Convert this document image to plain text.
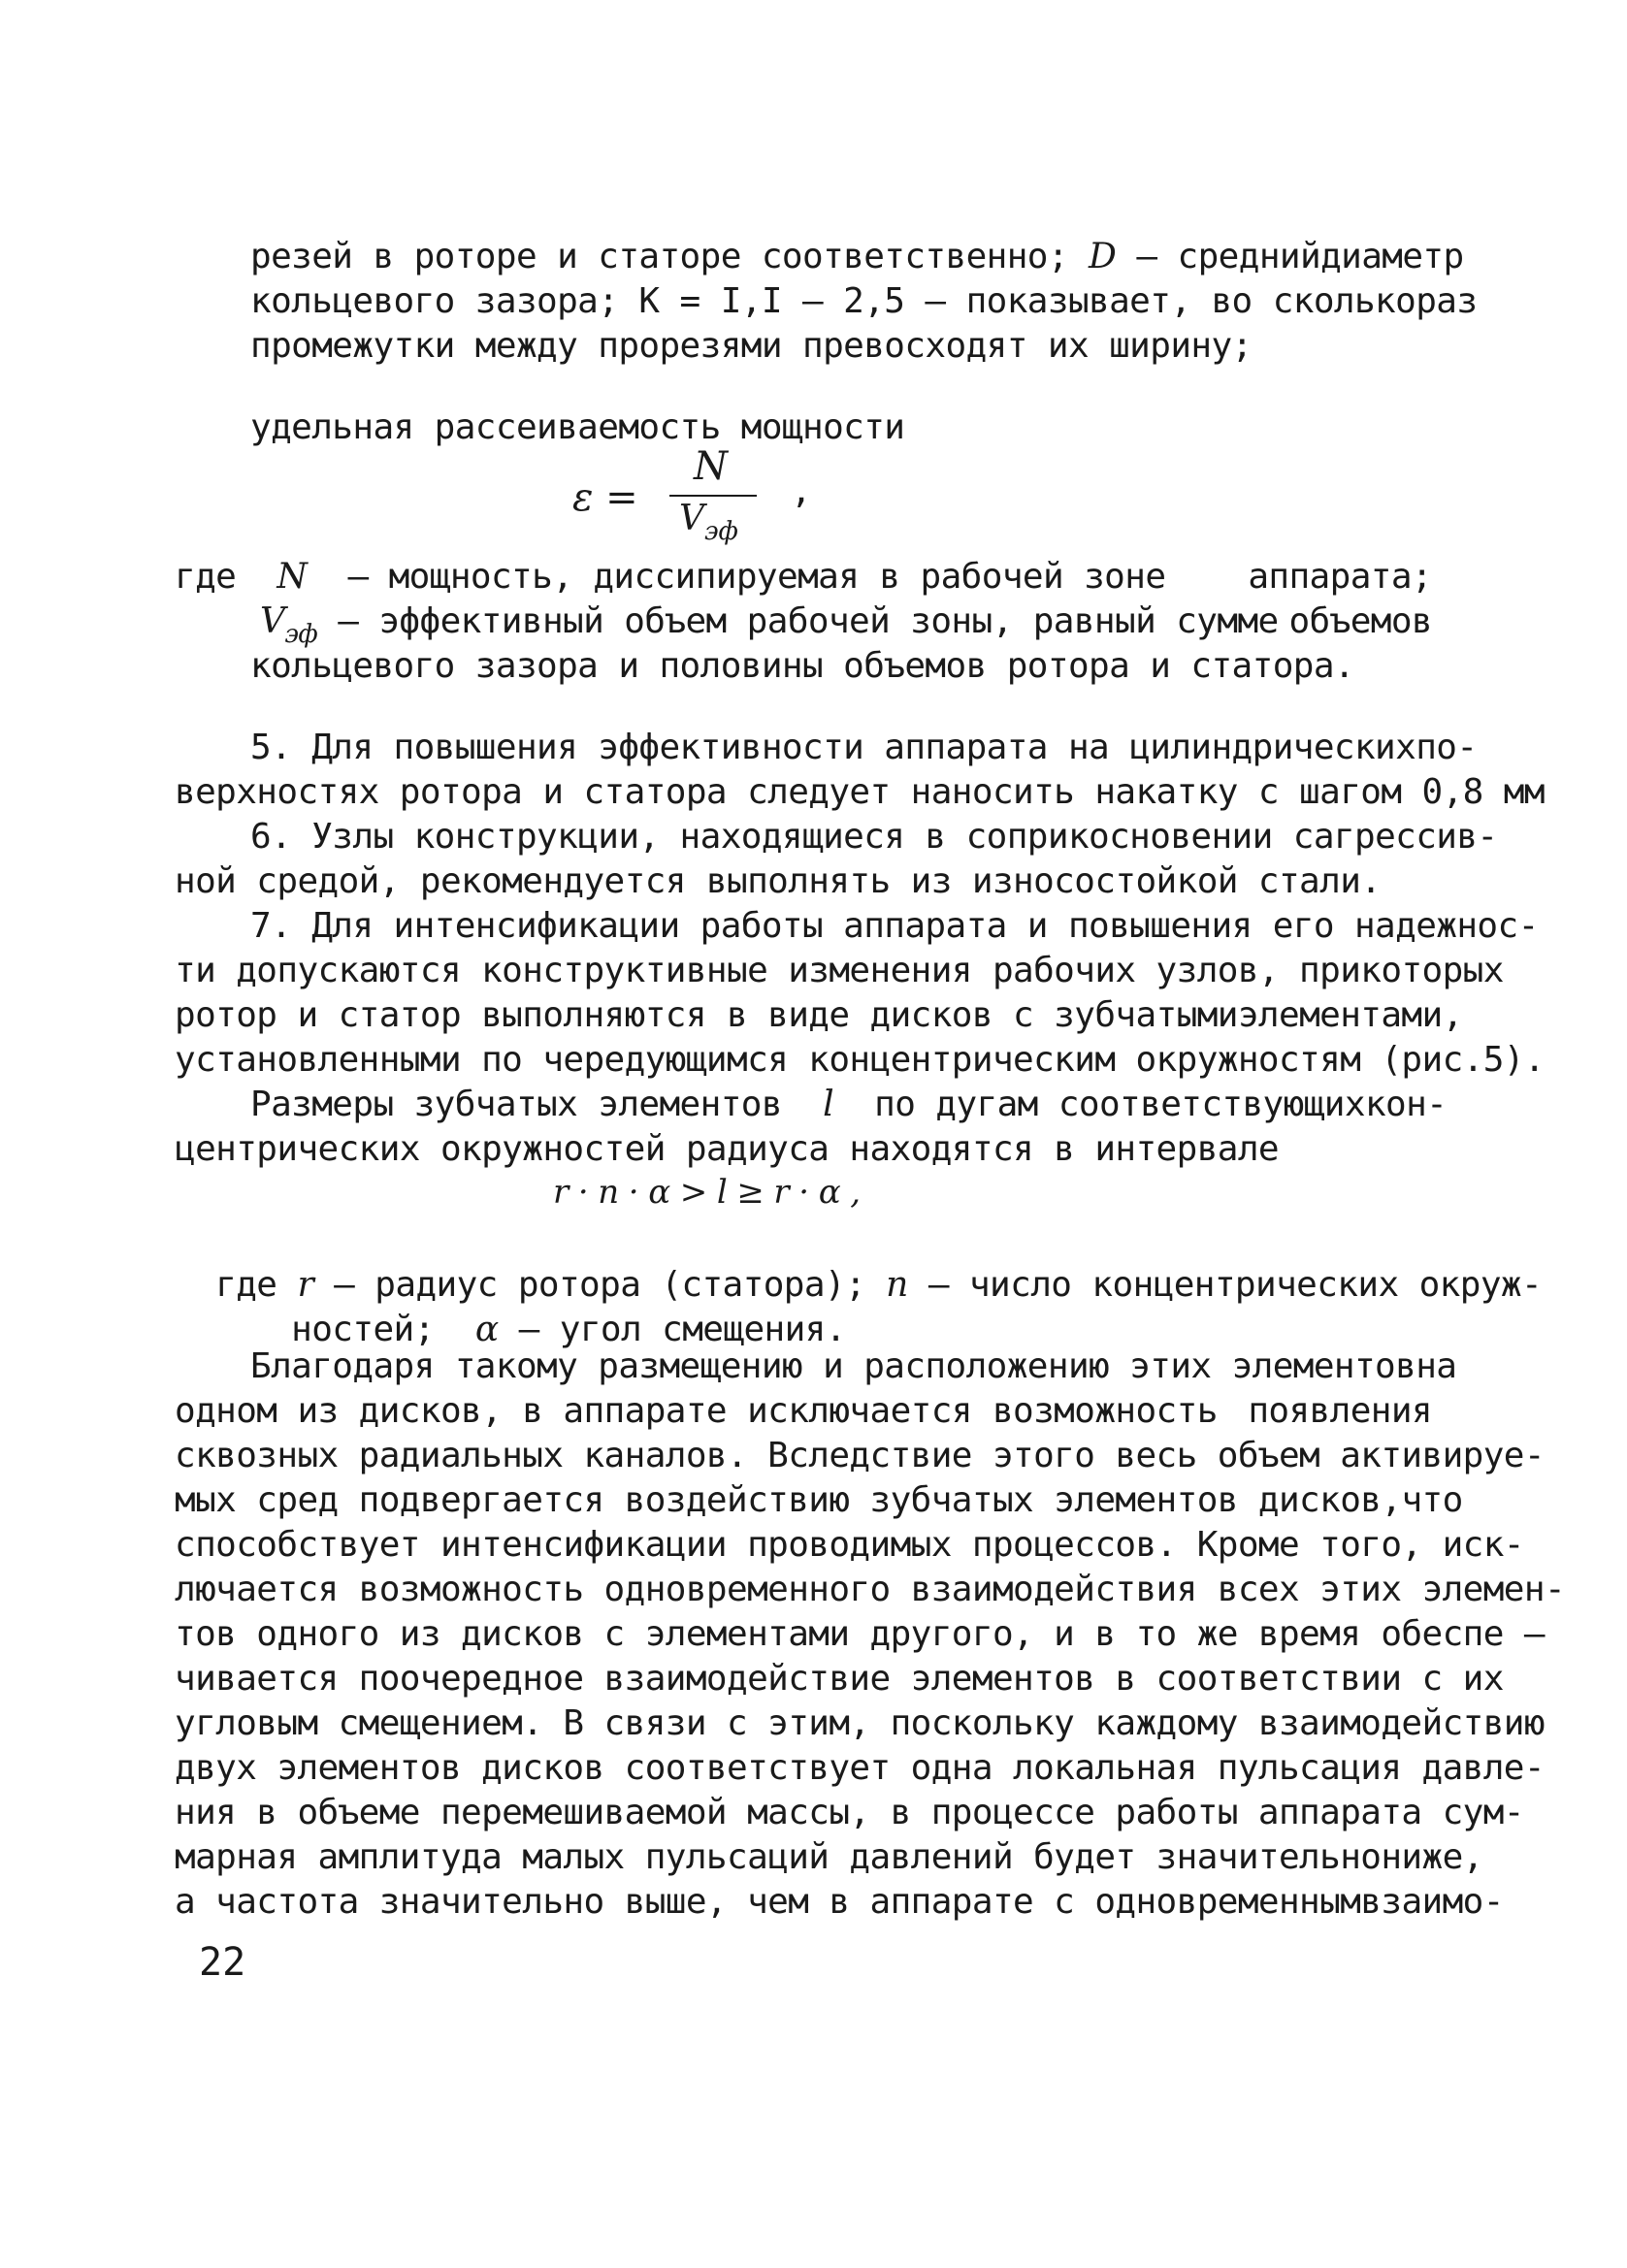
резей в роторе и статоре соответственно; D – средний диаметр
кольцевого зазора; К = I,I – 2,5 – показывает, во сколько раз
промежутки между прорезями превосходят их ширину;
удельная рассеиваемость мощности
ε =
N
$V_{эф}$
,
где N – мощность, диссипируемая в рабочей зоне аппарата;
$V_{эф}$ – эффективный объем рабочей зоны, равный сумме объемов
кольцевого зазора и половины объемов ротора и статора.
5. Для повышения эффективности аппарата на цилиндрических по-
верхностях ротора и статора следует наносить накатку с шагом 0,8 мм
6. Узлы конструкции, находящиеся в соприкосновении с агрессив-
ной средой, рекомендуется выполнять из износостойкой стали.
7. Для интенсификации работы аппарата и повышения его надежнос-
ти допускаются конструктивные изменения рабочих узлов, при которых
ротор и статор выполняются в виде дисков с зубчатыми элементами,
установленными по чередующимся концентрическим окружностям (рис.5).
Размеры зубчатых элементов l по дугам соответствующих кон-
центрических окружностей радиуса находятся в интервале
r · n · α > l ≥ r · α ,

где r – радиус ротора (статора); n – число концентрических окруж-

ностей; α – угол смещения.

Благодаря такому размещению и расположению этих элементов на
одном из дисков, в аппарате исключается возможность появления
сквозных радиальных каналов. Вследствие этого весь объем активируе-
мых сред подвергается воздействию зубчатых элементов дисков, что
способствует интенсификации проводимых процессов. Кроме того, иск-
лючается возможность одновременного взаимодействия всех этих элемен-
тов одного из дисков с элементами другого, и в то же время обеспе –
чивается поочередное взаимодействие элементов в соответствии с их
угловым смещением. В связи с этим, поскольку каждому взаимодействию
двух элементов дисков соответствует одна локальная пульсация давле-
ния в объеме перемешиваемой массы, в процессе работы аппарата сум-
марная амплитуда малых пульсаций давлений будет значительно ниже,
а частота значительно выше, чем в аппарате с одновременным взаимо-
22
